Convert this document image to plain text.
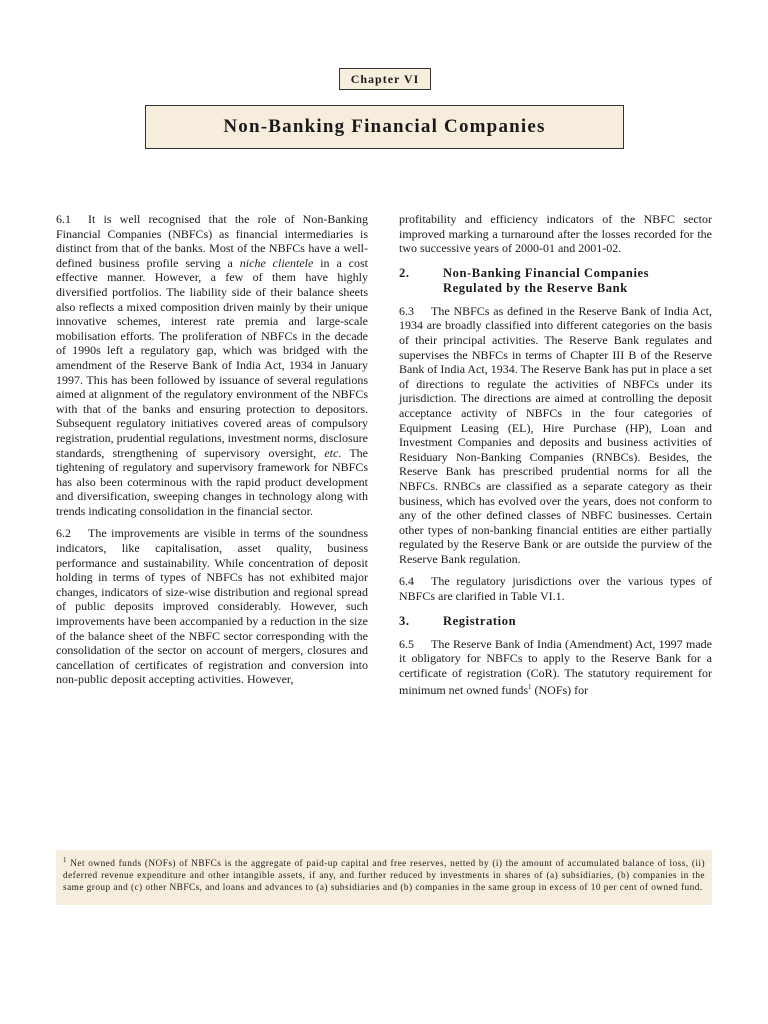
Chapter VI
Non-Banking Financial Companies

6.1 It is well recognised that the role of Non-Banking Financial Companies (NBFCs) as financial intermediaries is distinct from that of the banks. Most of the NBFCs have a well-defined business profile serving a niche clientele in a cost effective manner. However, a few of them have highly diversified portfolios. The liability side of their balance sheets also reflects a mixed composition driven mainly by their unique innovative schemes, interest rate premia and large-scale mobilisation efforts. The proliferation of NBFCs in the decade of 1990s left a regulatory gap, which was bridged with the amendment of the Reserve Bank of India Act, 1934 in January 1997. This has been followed by issuance of several regulations aimed at alignment of the regulatory environment of the NBFCs with that of the banks and ensuring protection to depositors. Subsequent regulatory initiatives covered areas of compulsory registration, prudential regulations, investment norms, disclosure standards, strengthening of supervisory oversight, etc. The tightening of regulatory and supervisory framework for NBFCs has also been coterminous with the rapid product development and diversification, sweeping changes in technology along with trends indicating consolidation in the financial sector.

6.2 The improvements are visible in terms of the soundness indicators, like capitalisation, asset quality, business performance and sustainability. While concentration of deposit holding in terms of types of NBFCs has not exhibited major changes, indicators of size-wise distribution and regional spread of public deposits improved considerably. However, such improvements have been accompanied by a reduction in the size of the balance sheet of the NBFC sector corresponding with the consolidation of the sector on account of mergers, closures and cancellation of certificates of registration and conversion into non-public deposit accepting activities. However,

profitability and efficiency indicators of the NBFC sector improved marking a turnaround after the losses recorded for the two successive years of 2000-01 and 2001-02.

2.	Non-Banking Financial Companies Regulated by the Reserve Bank

6.3 The NBFCs as defined in the Reserve Bank of India Act, 1934 are broadly classified into different categories on the basis of their principal activities. The Reserve Bank regulates and supervises the NBFCs in terms of Chapter III B of the Reserve Bank of India Act, 1934. The Reserve Bank has put in place a set of directions to regulate the activities of NBFCs under its jurisdiction. The directions are aimed at controlling the deposit acceptance activity of NBFCs in the four categories of Equipment Leasing (EL), Hire Purchase (HP), Loan and Investment Companies and deposits and business activities of Residuary Non-Banking Companies (RNBCs). Besides, the Reserve Bank has prescribed prudential norms for all the NBFCs. RNBCs are classified as a separate category as their business, which has evolved over the years, does not conform to any of the other defined classes of NBFC businesses. Certain other types of non-banking financial entities are either partially regulated by the Reserve Bank or are outside the purview of the Reserve Bank regulation.

6.4 The regulatory jurisdictions over the various types of NBFCs are clarified in Table VI.1.

3.	Registration

6.5 The Reserve Bank of India (Amendment) Act, 1997 made it obligatory for NBFCs to apply to the Reserve Bank for a certificate of registration (CoR). The statutory requirement for minimum net owned funds$^1$ (NOFs) for

$^1$ Net owned funds (NOFs) of NBFCs is the aggregate of paid-up capital and free reserves, netted by (i) the amount of accumulated balance of loss, (ii) deferred revenue expenditure and other intangible assets, if any, and further reduced by investments in shares of (a) subsidiaries, (b) companies in the same group and (c) other NBFCs, and loans and advances to (a) subsidiaries and (b) companies in the same group in excess of 10 per cent of owned fund.
